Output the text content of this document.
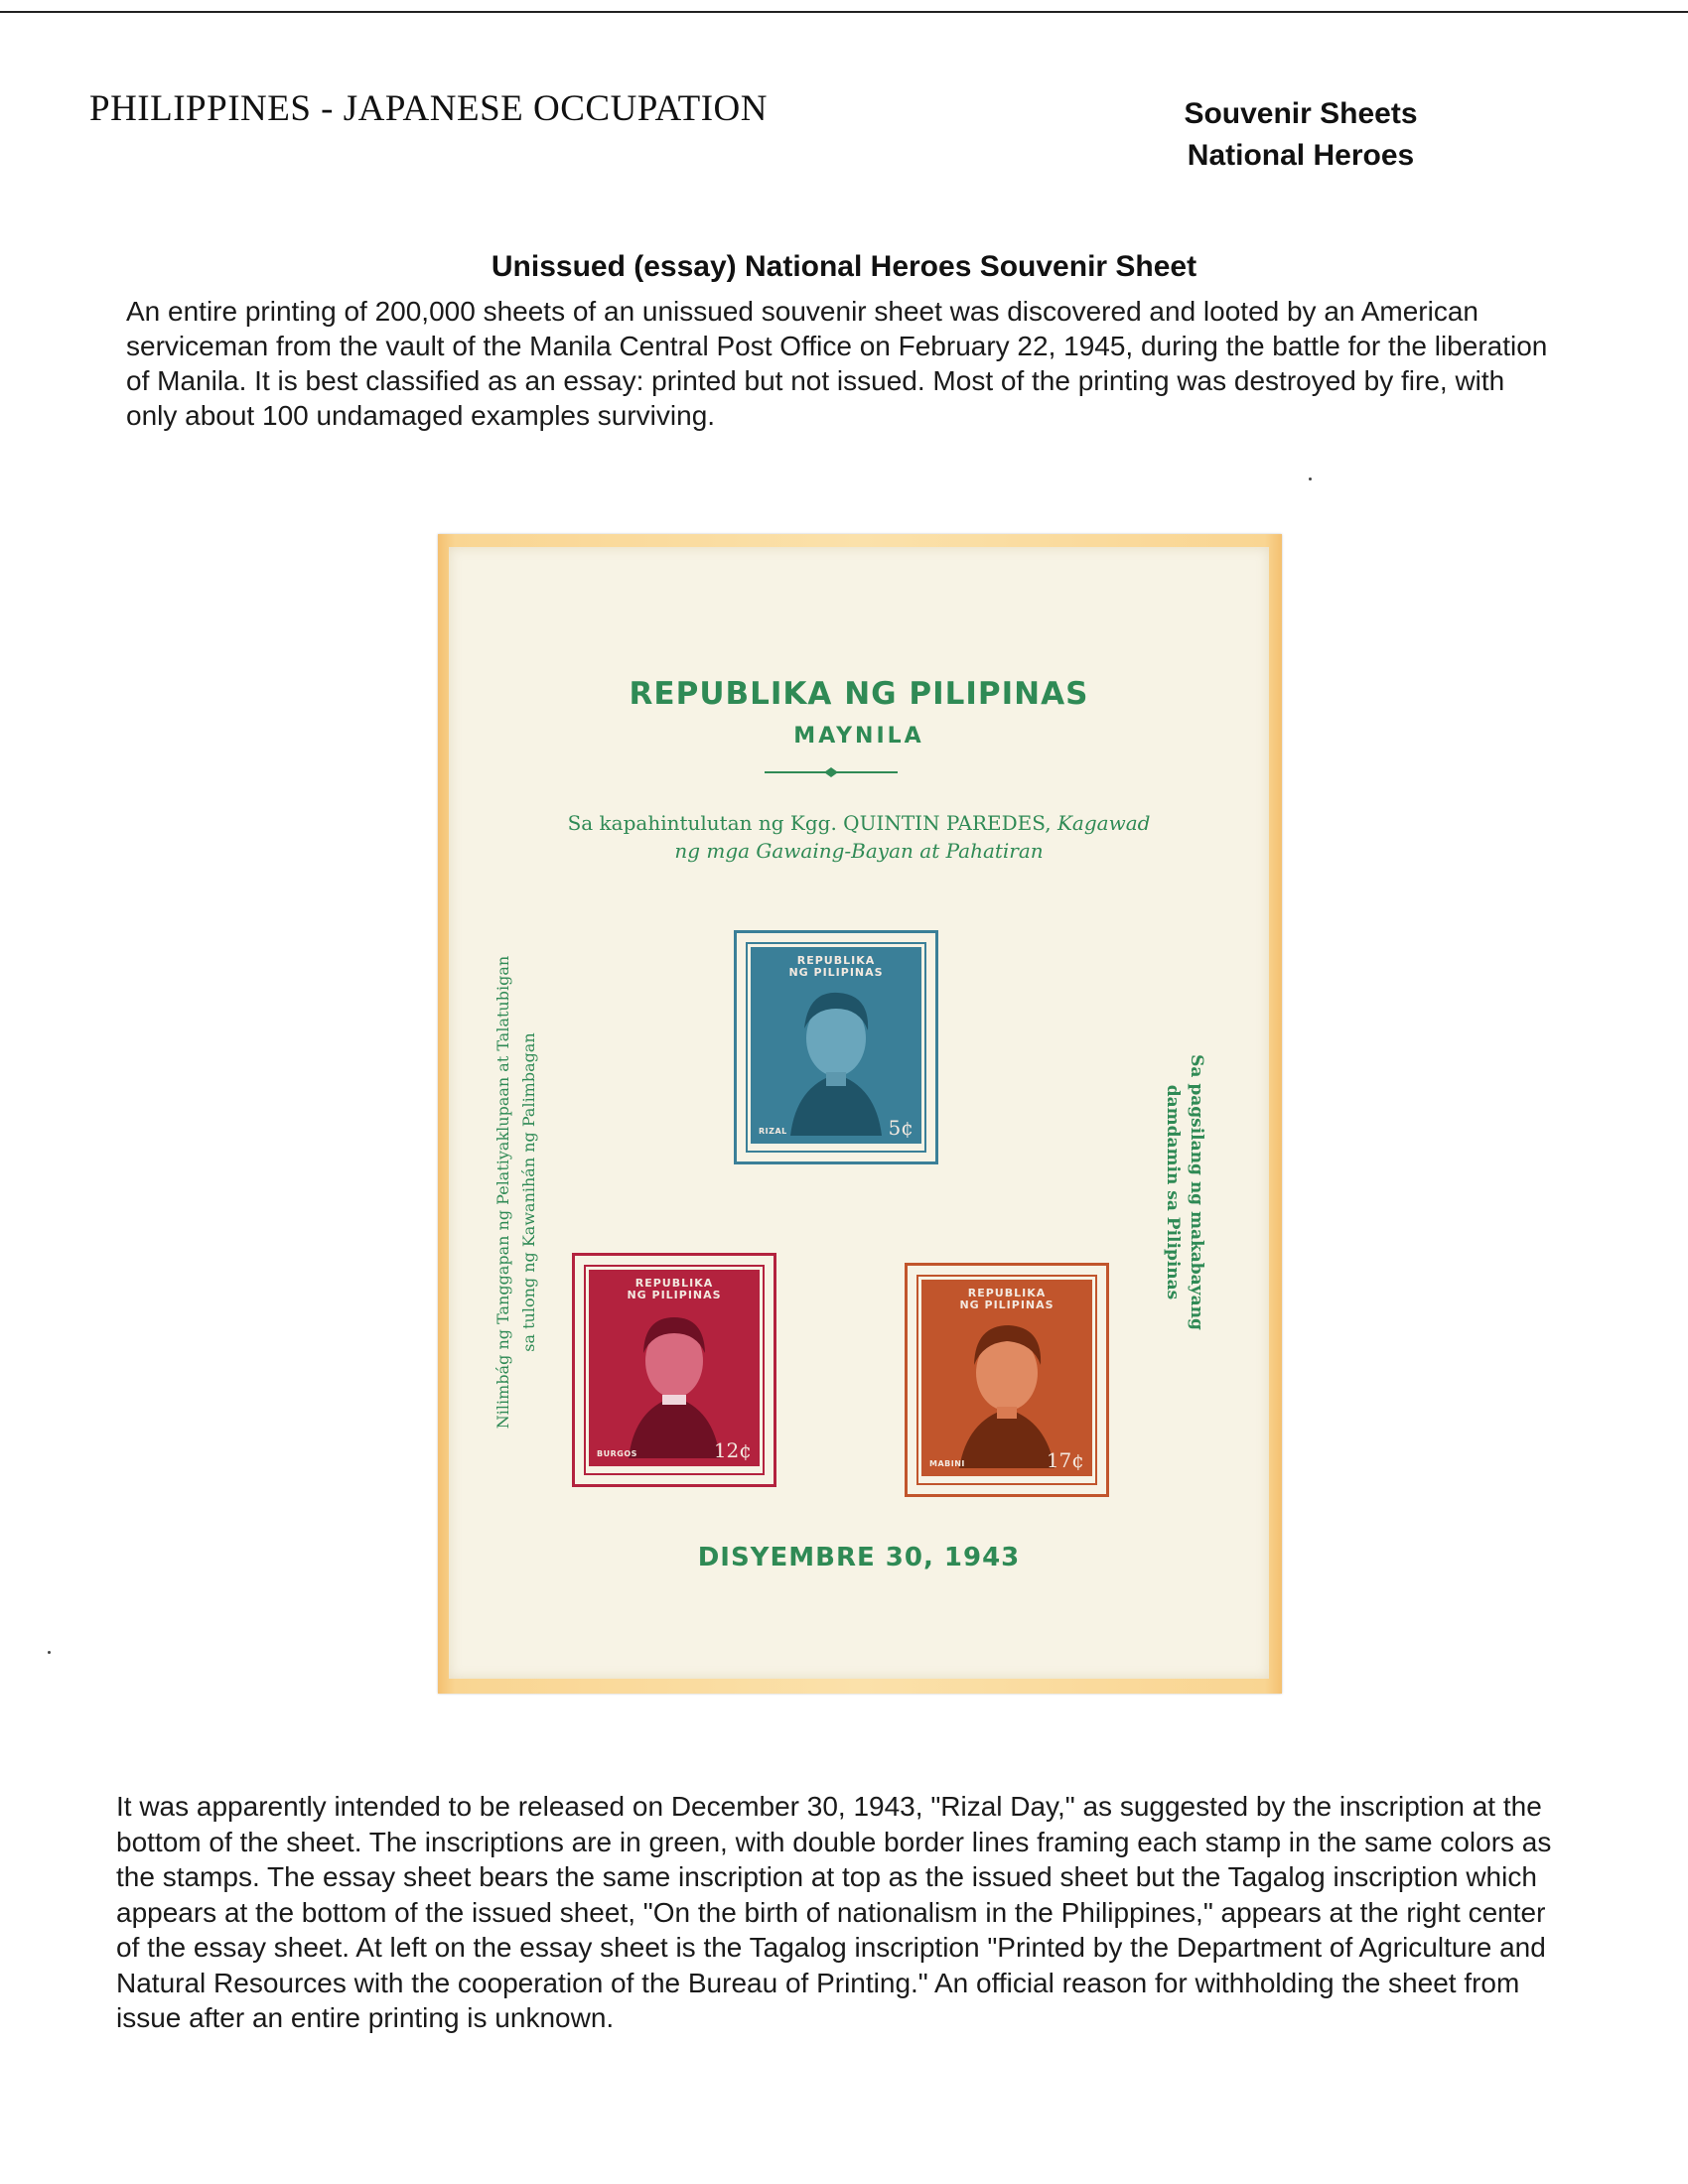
PHILIPPINES - JAPANESE OCCUPATION	Souvenir Sheets
National Heroes
Unissued (essay) National Heroes Souvenir Sheet
An entire printing of 200,000 sheets of an unissued souvenir sheet was discovered and looted by an American serviceman from the vault of the Manila Central Post Office on February 22, 1945, during the battle for the liberation of Manila. It is best classified as an essay: printed but not issued. Most of the printing was destroyed by fire, with only about 100 undamaged examples surviving.
REPUBLIKA NG PILIPINAS
MAYNILA
Sa kapahintulutan ng Kgg. QUINTIN PAREDES, Kagawad
ng mga Gawaing-Bayan at Pahatiran
Nilimbág ng Tanggapan ng Pelatiyaklupaan at Talatubigan sa tulong ng Kawanihán ng Palimbagan	Sa pagsilang ng makabayang
damdamin sa Pilipinas
REPUBLIKA
NG PILIPINAS
RIZAL	5¢
REPUBLIKA
NG PILIPINAS
BURGOS	12¢
REPUBLIKA
NG PILIPINAS
MABINI	17¢
DISYEMBRE 30, 1943
It was apparently intended to be released on December 30, 1943, "Rizal Day," as suggested by the inscription at the bottom of the sheet. The inscriptions are in green, with double border lines framing each stamp in the same colors as the stamps. The essay sheet bears the same inscription at top as the issued sheet but the Tagalog inscription which appears at the bottom of the issued sheet, "On the birth of nationalism in the Philippines," appears at the right center of the essay sheet. At left on the essay sheet is the Tagalog inscription "Printed by the Department of Agriculture and Natural Resources with the cooperation of the Bureau of Printing." An official reason for withholding the sheet from issue after an entire printing is unknown.
